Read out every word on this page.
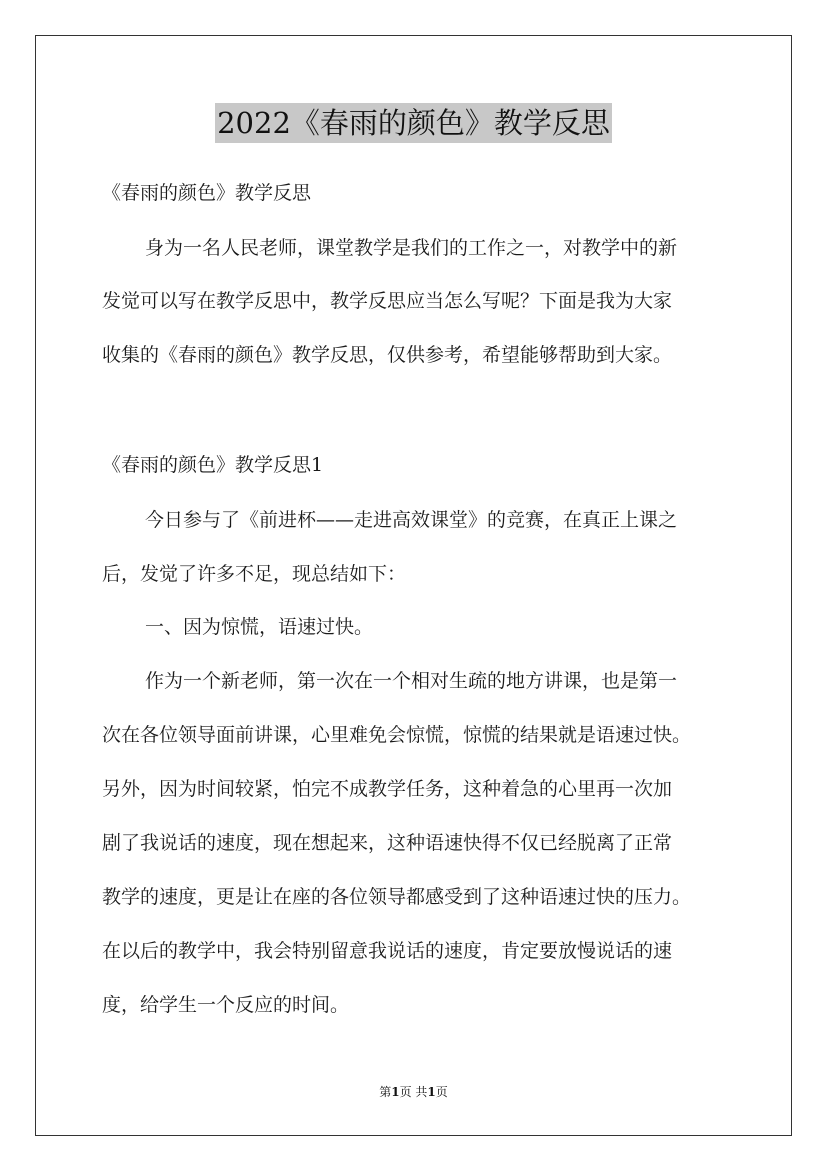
2022《春雨的颜色》教学反思
《春雨的颜色》教学反思
身为一名人民老师，课堂教学是我们的工作之一，对教学中的新
发觉可以写在教学反思中，教学反思应当怎么写呢？下面是我为大家
收集的《春雨的颜色》教学反思，仅供参考，希望能够帮助到大家。
《春雨的颜色》教学反思1
今日参与了《前进杯——走进高效课堂》的竞赛，在真正上课之
后，发觉了许多不足，现总结如下：
一、因为惊慌，语速过快。
作为一个新老师，第一次在一个相对生疏的地方讲课，也是第一
次在各位领导面前讲课，心里难免会惊慌，惊慌的结果就是语速过快。
另外，因为时间较紧，怕完不成教学任务，这种着急的心里再一次加
剧了我说话的速度，现在想起来，这种语速快得不仅已经脱离了正常
教学的速度，更是让在座的各位领导都感受到了这种语速过快的压力。
在以后的教学中，我会特别留意我说话的速度，肯定要放慢说话的速
度，给学生一个反应的时间。
第1页 共1页
